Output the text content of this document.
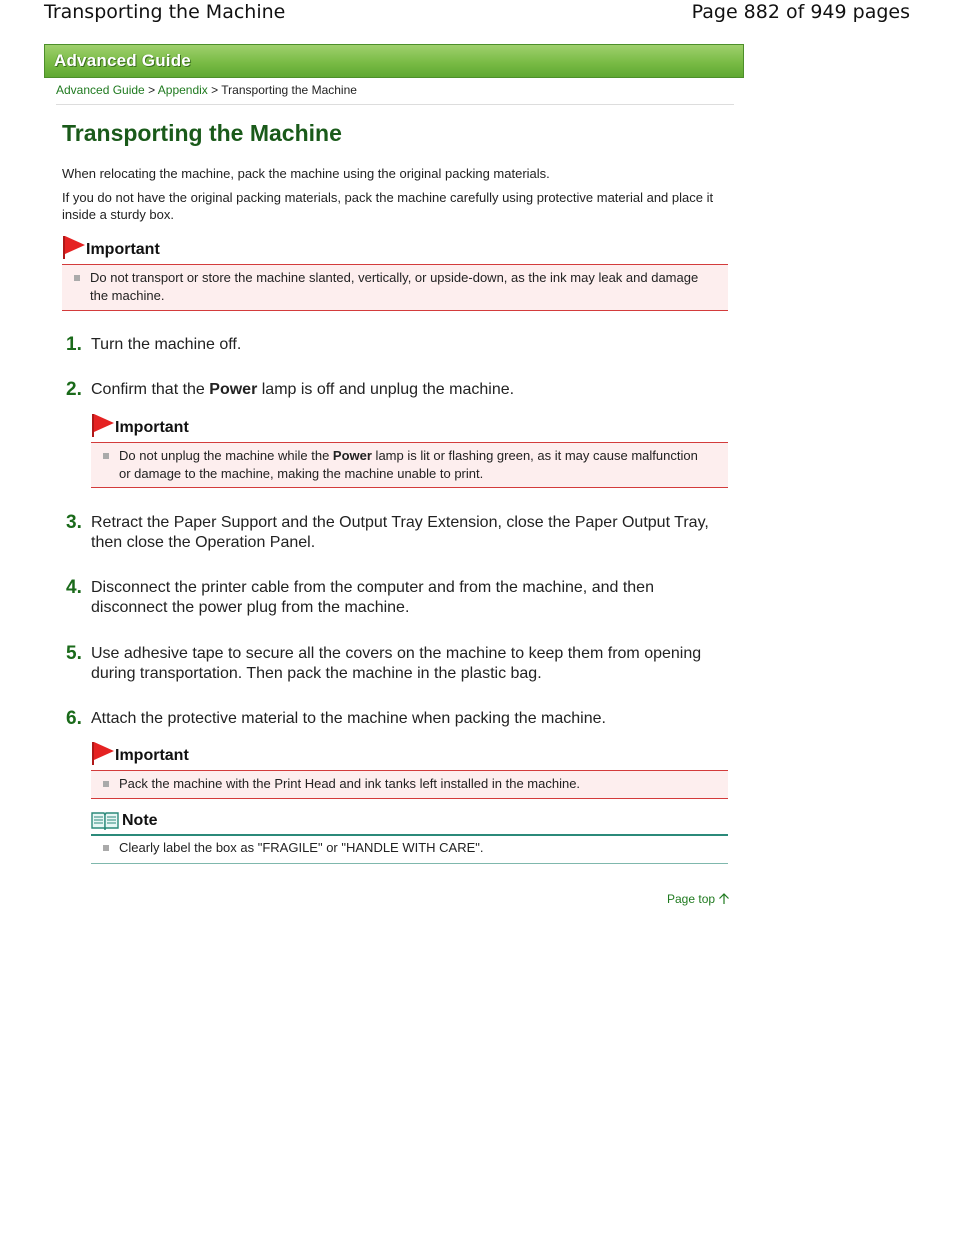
Transporting the Machine	Page 882 of 949 pages
Advanced Guide
Advanced Guide > Appendix > Transporting the Machine
Transporting the Machine
When relocating the machine, pack the machine using the original packing materials.
If you do not have the original packing materials, pack the machine carefully using protective material and place it inside a sturdy box.
Important
Do not transport or store the machine slanted, vertically, or upside-down, as the ink may leak and damage the machine.
1. Turn the machine off.
2. Confirm that the Power lamp is off and unplug the machine.
Important
Do not unplug the machine while the Power lamp is lit or flashing green, as it may cause malfunction or damage to the machine, making the machine unable to print.
3. Retract the Paper Support and the Output Tray Extension, close the Paper Output Tray, then close the Operation Panel.
4. Disconnect the printer cable from the computer and from the machine, and then disconnect the power plug from the machine.
5. Use adhesive tape to secure all the covers on the machine to keep them from opening during transportation. Then pack the machine in the plastic bag.
6. Attach the protective material to the machine when packing the machine.
Important
Pack the machine with the Print Head and ink tanks left installed in the machine.
Note
Clearly label the box as "FRAGILE" or "HANDLE WITH CARE".
Page top
